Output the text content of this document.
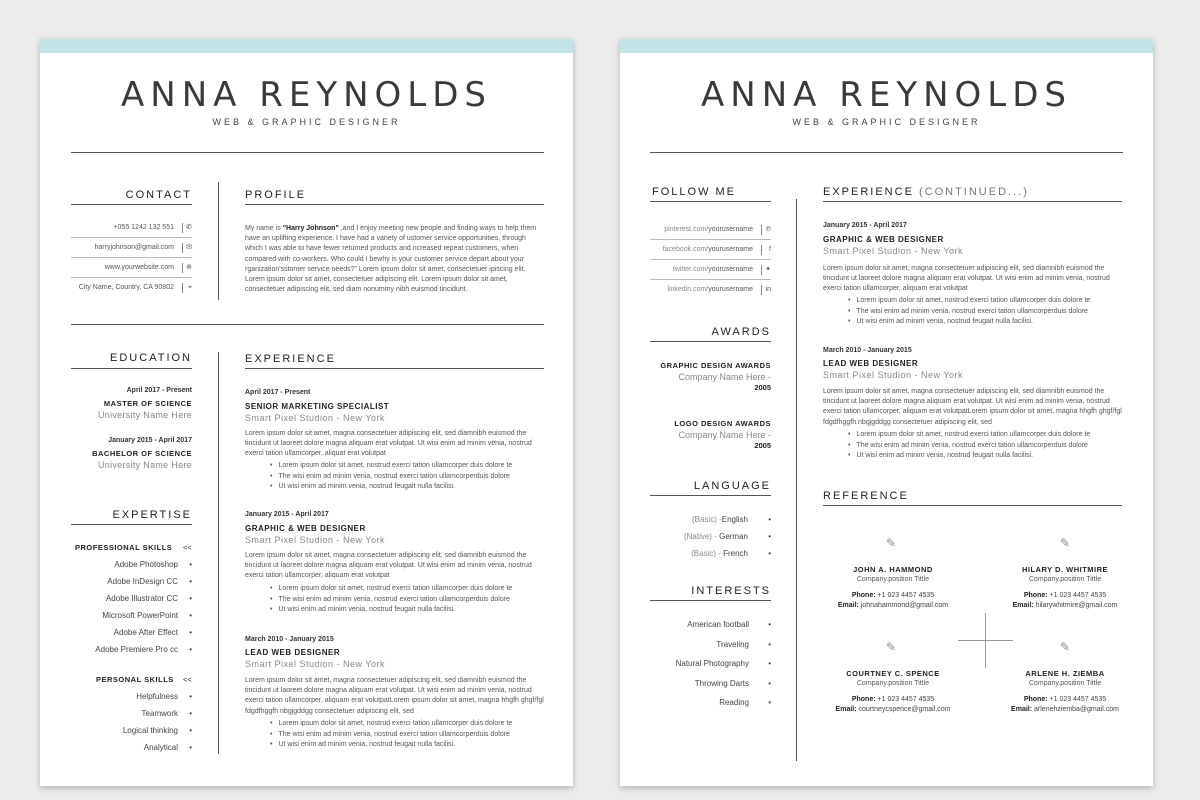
ANNA REYNOLDS
WEB & GRAPHIC DESIGNER
CONTACT
+055 1242 132 551	✆
harryjohnson@gmail.com	✉
www.yourwebsite.com	⊕
City Name, Country, CA 90802	⌖
PROFILE
My name is "Harry Johnson" ,and I enjoy meeting new people and finding ways to help them have an uplifting experience. I have had a variety of ustomer service opportunities, through which I was able to have fewer returned products and ncreased repeat customers, when compared with co-workers. Who could I bewhy is your customer service depart about your rganization'sstomer service needs?" Lorem ipsum dolor sit amet, consectetuer ipiscing elit. Lorem ipsum dolor sit amet, consectetuer adipiscing elit. Lorem ipsum dolor sit amet, consectetuer adipiscing elit, sed diam nonummy nibh euismod tincidunt.
EDUCATION
April 2017 - Present
MASTER OF SCIENCE
University Name Here
January 2015 - April 2017
BACHELOR OF SCIENCE
University Name Here
EXPERTISE
PROFESSIONAL SKILLS <<
Adobe Photoshop •
Adobe InDesign CC •
Adobe Illustrator CC •
Microsoft PowerPoint •
Adobe After Effect •
Adobe Premiere Pro cc •
PERSONAL SKILLS <<
Helpfulness •
Teamwork •
Logical thinking •
Analytical •
EXPERIENCE
April 2017 - Present
SENIOR MARKETING SPECIALIST
Smart Pixel Studion - New York
Lorem ipsum dolor sit amet, magna consectetuer adipiscing elit, sed diamnibh euismod the tincidunt ut laoreet dolore magna aliquam erat volutpat. Ut wisi enim ad minim venia, nostrud exerci tation ullamcorper, aliquat erat volutpat
• Lorem ipsum dolor sit amet, nostrud exerci tation ullamcorper duis dolore te
• The wisi enim ad minim venia, nostrud exerci tation ullamcorperduis dolore
• Ut wisi enim ad minim venia, nostrud feugait nulla facilisi.
January 2015 - April 2017
GRAPHIC & WEB DESIGNER
Smart Pixel Studion - New York
Lorem ipsum dolor sit amet, magna consectetuer adipiscing elit, sed diamnibh euismod the tincidunt ut laoreet dolore magna aliquam erat volutpat. Ut wisi enim ad minim venia, nostrud exerci tation ullamcorper, aliquam erat volutpat
• Lorem ipsum dolor sit amet, nostrud exerci tation ullamcorper duis dolore te
• The wisi enim ad minim venia, nostrud exerci tation ullamcorperduis dolore
• Ut wisi enim ad minim venia, nostrud feugait nulla facilisi.
March 2010 - January 2015
LEAD WEB DESIGNER
Smart Pixel Studion - New York
Lorem ipsum dolor sit amet, magna consectetuer adipiscing elit, sed diamnibh euismod the tincidunt ut laoreet dolore magna aliquam erat volutpat. Ut wisi enim ad minim venia, nostrud exerci tation ullamcorper, aliquam erat volutpatLorem ipsum dolor sit amet, magna hhgfh ghgf/fgl fdgdfhggfh nbgjgddgg consectetuer adipiscing elit, sed
• Lorem ipsum dolor sit amet, nostrud exerci tation ullamcorper duis dolore te
• The wisi enim ad minim venia, nostrud exerci tation ullamcorperduis dolore
• Ut wisi enim ad minim venia, nostrud feugait nulla facilisi.
ANNA REYNOLDS
WEB & GRAPHIC DESIGNER
FOLLOW ME
pinterest.com/yourusername	℗
facebook.com/yourusername	f
twitter.com/yourusername	✦
linkedin.com/yourusername	in
AWARDS
GRAPHIC DESIGN AWARDS
Company Name Here -
2005
LOGO DESIGN AWARDS
Company Name Here -
2005
LANGUAGE
(Basic) -English	•
(Native) - German	•
(Basic) - French	•
INTERESTS
American football •
Traveling •
Natural Photography •
Throwing Darts •
Reading •
EXPERIENCE (CONTINUED...)
January 2015 - April 2017
GRAPHIC & WEB DESIGNER
Smart Pixel Studion - New York
Lorem ipsum dolor sit amet, magna consectetuer adipiscing elit, sed diamnibh euismod the tincidunt ut laoreet dolore magna aliquam erat volutpat. Ut wisi enim ad minim venia, nostrud exerci tation ullamcorper, aliquam erat volutpat
• Lorem ipsum dolor sit amet, nostrud exerci tation ullamcorper duis dolore te
• The wisi enim ad minim venia, nostrud exerci tation ullamcorperduis dolore
• Ut wisi enim ad minim venia, nostrud feugait nulla facilisi.
March 2010 - January 2015
LEAD WEB DESIGNER
Smart Pixel Studion - New York
Lorem ipsum dolor sit amet, magna consectetuer adipiscing elit, sed diamnibh euismod the tincidunt ut laoreet dolore magna aliquam erat volutpat. Ut wisi enim ad minim venia, nostrud exerci tation ullamcorper, aliquam erat volutpatLorem ipsum dolor sit amet, magna hhgfh ghgf/fgl fdgdfhggfh nbgjgddgg consectetuer adipiscing elit, sed
• Lorem ipsum dolor sit amet, nostrud exerci tation ullamcorper duis dolore te
• The wisi enim ad minim venia, nostrud exerci tation ullamcorperduis dolore
• Ut wisi enim ad minim venia, nostrud feugait nulla facilisi.
REFERENCE
✎
JOHN A. HAMMOND
Company.position Tittle
Phone: +1 023 4457 4535
Email: johnahammond@gmail.com
✎
HILARY D. WHITMIRE
Company.position Tittle
Phone: +1 023 4457 4535
Email: hilarywhitmire@gmail.com
✎
COURTNEY C. SPENCE
Company.position Tittle
Phone: +1 023 4457 4535
Email: courtneycspence@gmail.com
✎
ARLENE H. ZIEMBA
Company.position Tittle
Phone: +1 023 4457 4535
Email: arlenehziemba@gmail.com
